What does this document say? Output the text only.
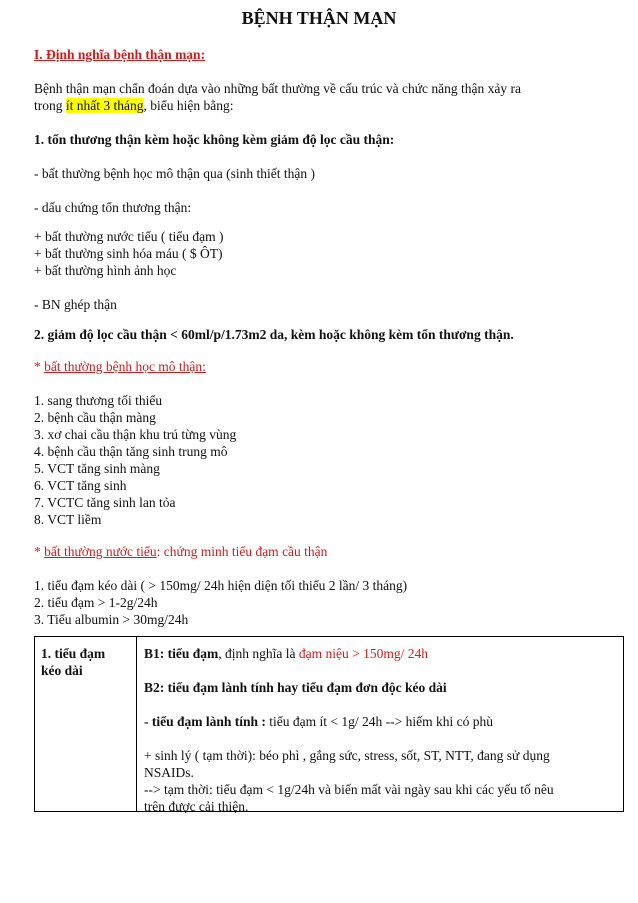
BỆNH THẬN MẠN
I. Định nghĩa bệnh thận mạn:
Bệnh thận mạn chẩn đoán dựa vào những bất thường về cấu trúc và chức năng thận xảy ra
trong ít nhất 3 tháng, biểu hiện bằng:
1. tổn thương thận kèm hoặc không kèm giảm độ lọc cầu thận:
- bất thường bệnh học mô thận qua (sinh thiết thận )
- dấu chứng tổn thương thận:
+ bất thường nước tiểu ( tiểu đạm )
+ bất thường sinh hóa máu ( $ ÔT)
+ bất thường hình ảnh học
- BN ghép thận
2. giảm độ lọc cầu thận < 60ml/p/1.73m2 da, kèm hoặc không kèm tổn thương thận.
* bất thường bệnh học mô thận:
1. sang thương tối thiểu
2. bệnh cầu thận màng
3. xơ chai cầu thận khu trú từng vùng
4. bệnh cầu thận tăng sinh trung mô
5. VCT tăng sinh màng
6. VCT tăng sinh
7. VCTC tăng sinh lan tỏa
8. VCT liềm
* bất thường nước tiểu: chứng minh tiểu đạm cầu thận
1. tiểu đạm kéo dài ( > 150mg/ 24h hiện diện tối thiểu 2 lần/ 3 tháng)
2. tiểu đạm > 1-2g/24h
3. Tiểu albumin > 30mg/24h
1. tiểu đạm
kéo dài
B1: tiểu đạm, định nghĩa là đạm niệu > 150mg/ 24h
B2: tiểu đạm lành tính hay tiểu đạm đơn độc kéo dài
- tiểu đạm lành tính : tiểu đạm ít < 1g/ 24h --> hiếm khi có phù
+ sinh lý ( tạm thời): béo phì , gắng sức, stress, sốt, ST, NTT, đang sử dụng
NSAIDs.
--> tạm thời: tiểu đạm < 1g/24h và biến mất vài ngày sau khi các yếu tố nêu
trên được cải thiện.
